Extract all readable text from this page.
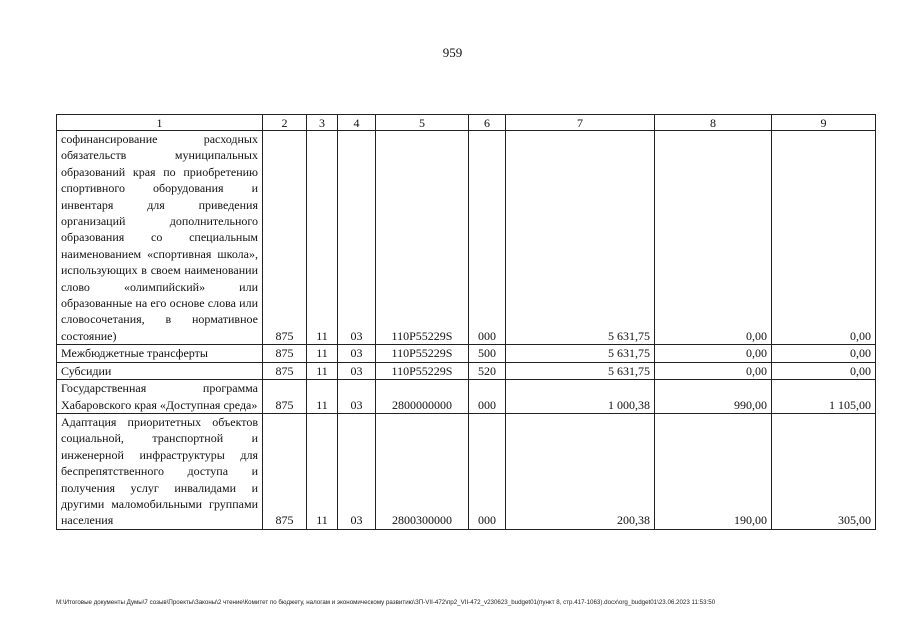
959
1	2	3	4	5	6	7	8	9
софинансирование расходных обязательств муниципальных образований края по приобретению спортивного оборудования и инвентаря для приведения организаций дополнительного образования со специальным наименованием «спортивная школа», использующих в своем наименовании слово «олимпийский» или образованные на его основе слова или словосочетания, в нормативное состояние)	875	11	03	110P55229S	000	5 631,75	0,00	0,00
Межбюджетные трансферты	875	11	03	110P55229S	500	5 631,75	0,00	0,00
Субсидии	875	11	03	110P55229S	520	5 631,75	0,00	0,00
Государственная программа Хабаровского края «Доступная среда»	875	11	03	2800000000	000	1 000,38	990,00	1 105,00
Адаптация приоритетных объектов социальной, транспортной и инженерной инфраструктуры для беспрепятственного доступа и получения услуг инвалидами и другими маломобильными группами населения	875	11	03	2800300000	000	200,38	190,00	305,00
М:\Итоговые документы Думы\7 созыв\Проекты\Законы\2 чтение\Комитет по бюджету, налогам и экономическому развитию\ЗП-VII-472\пр2_VII-472_v230623_budget01(пункт 8, стр.417-1063).docx\org_budget01\23.06.2023 11:53:50
